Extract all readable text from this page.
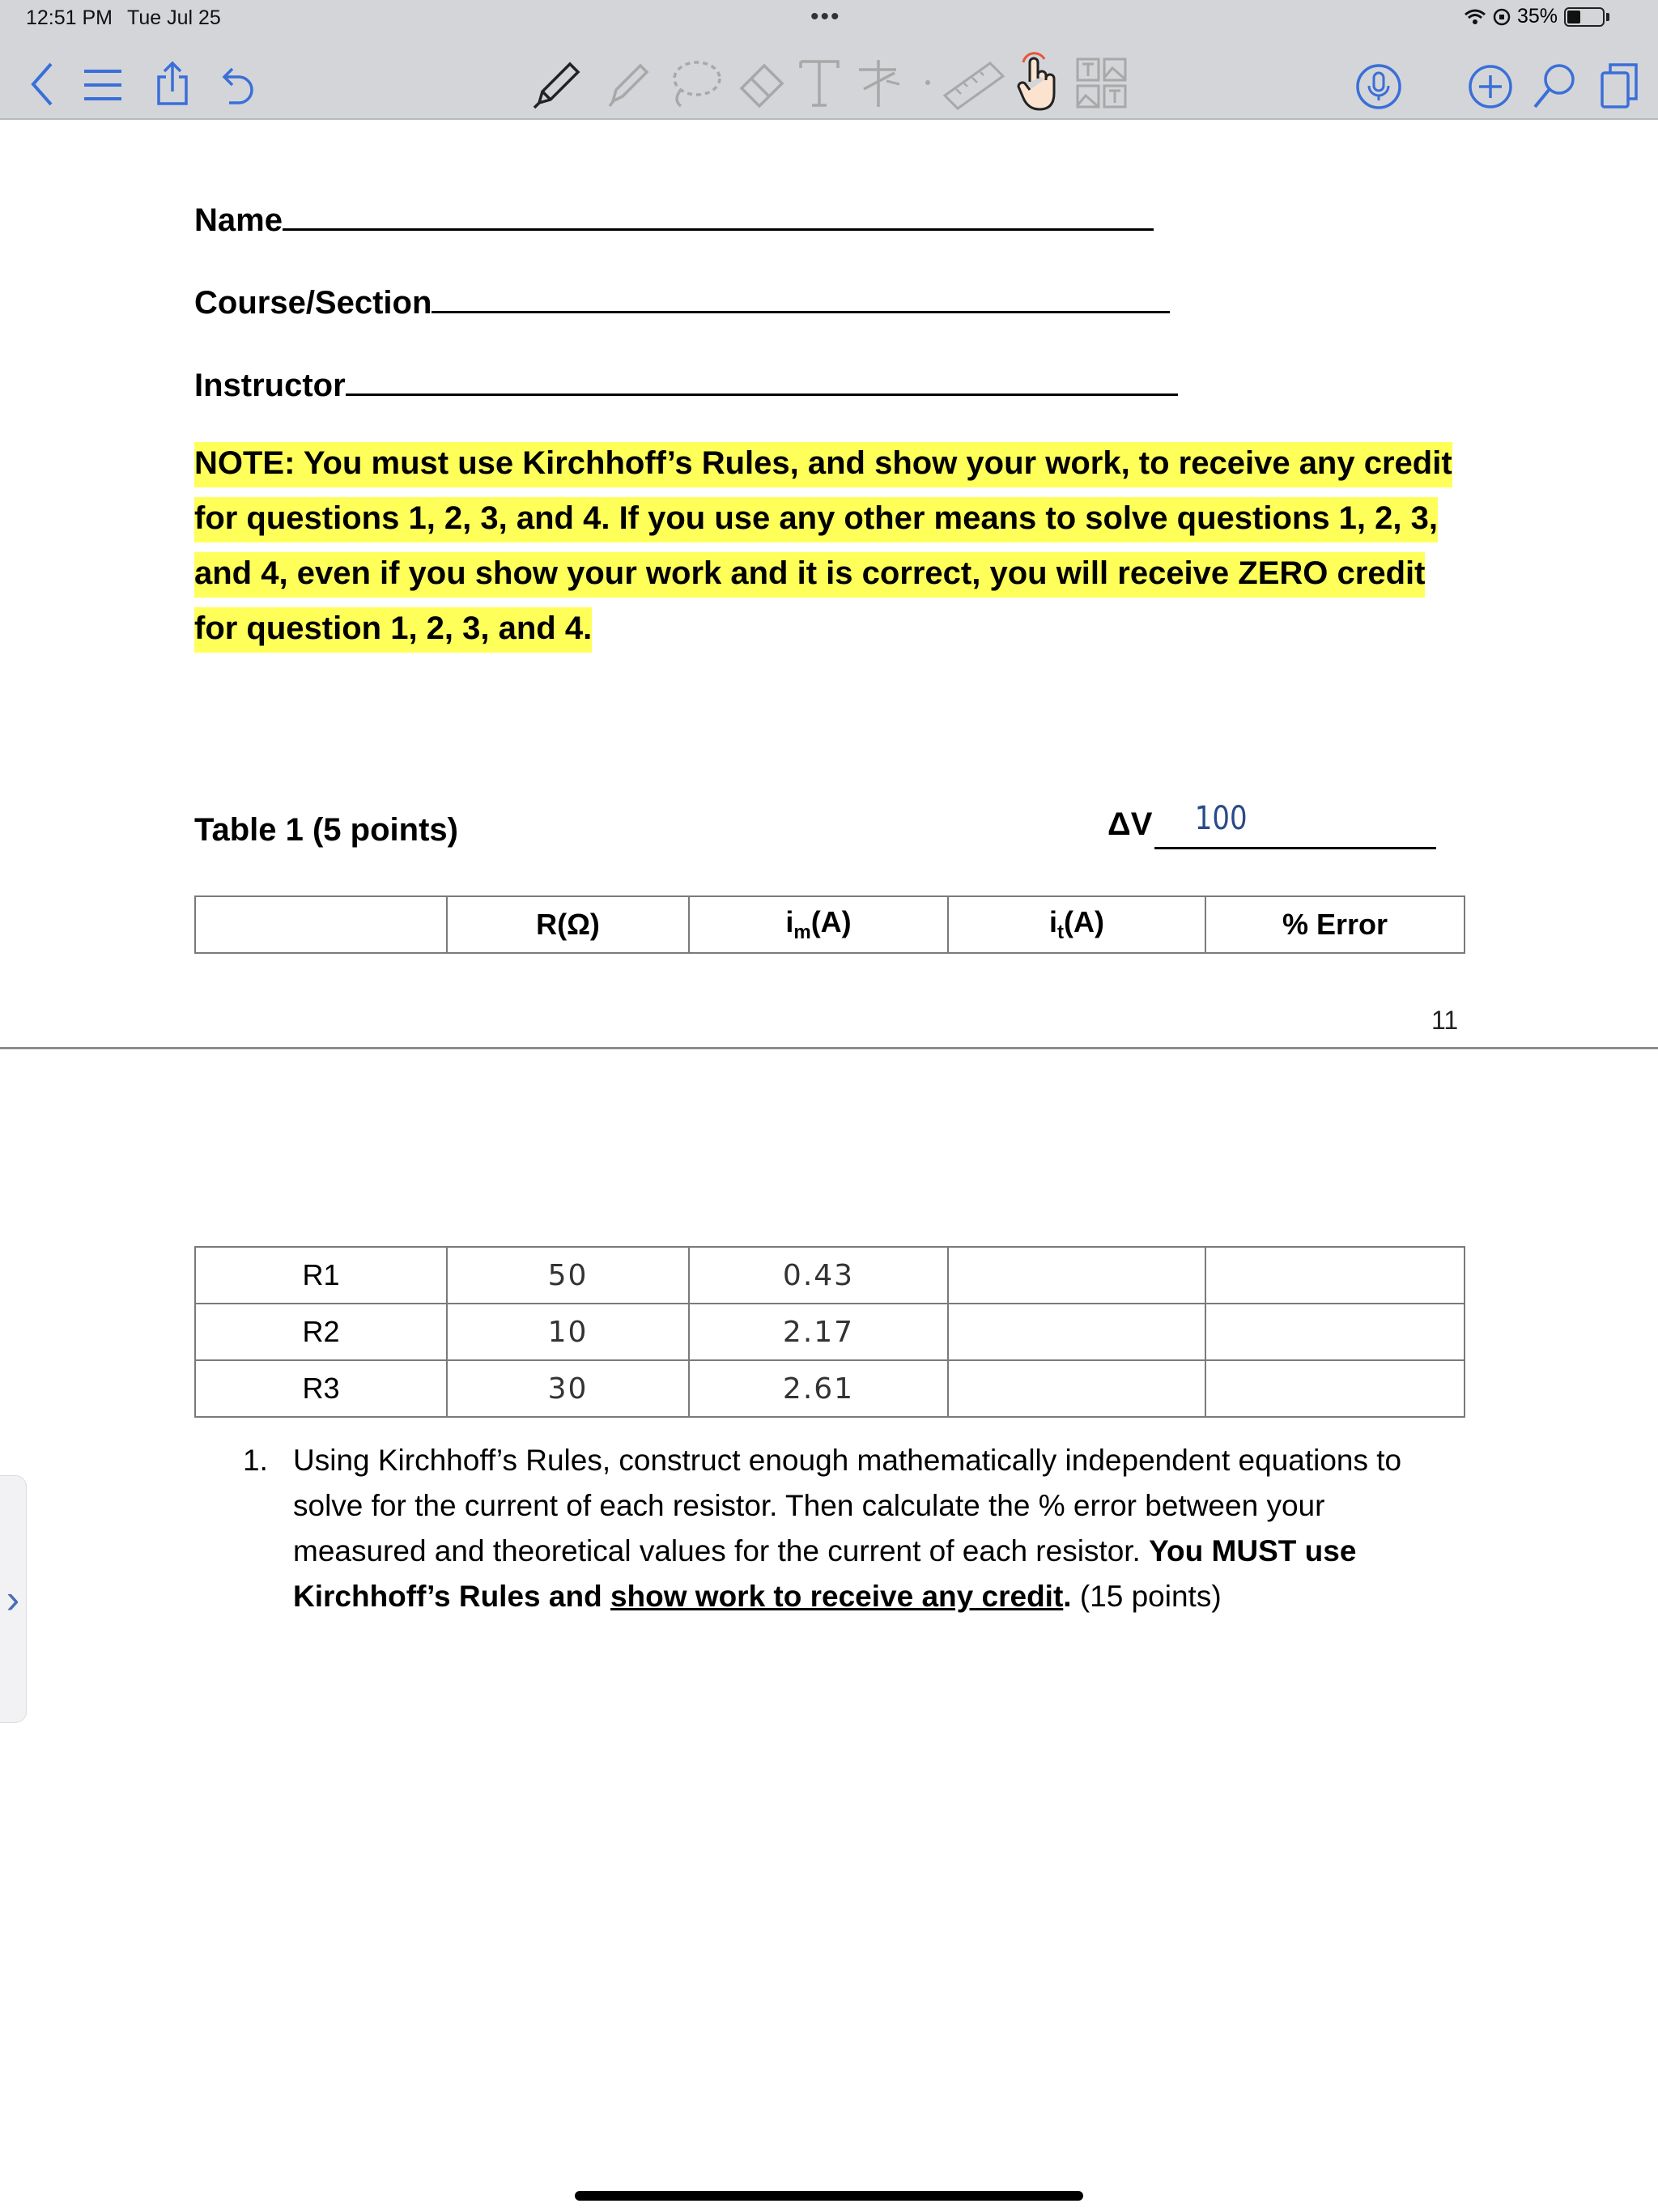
12:51 PM Tue Jul 25	•••	35%
Name
Course/Section
Instructor
NOTE: You must use Kirchhoff’s Rules, and show your work, to receive any credit
for questions 1, 2, 3, and 4. If you use any other means to solve questions 1, 2, 3,
and 4, even if you show your work and it is correct, you will receive ZERO credit
for question 1, 2, 3, and 4.
Table 1 (5 points)	ΔV 100
	R(Ω)	$i_m(A)$	$i_t(A)$	% Error
11
R1	50	0.43		
R2	10	2.17		
R3	30	2.61		
1. Using Kirchhoff’s Rules, construct enough mathematically independent equations to solve for the current of each resistor. Then calculate the % error between your measured and theoretical values for the current of each resistor. You MUST use Kirchhoff’s Rules and show work to receive any credit. (15 points)
›
